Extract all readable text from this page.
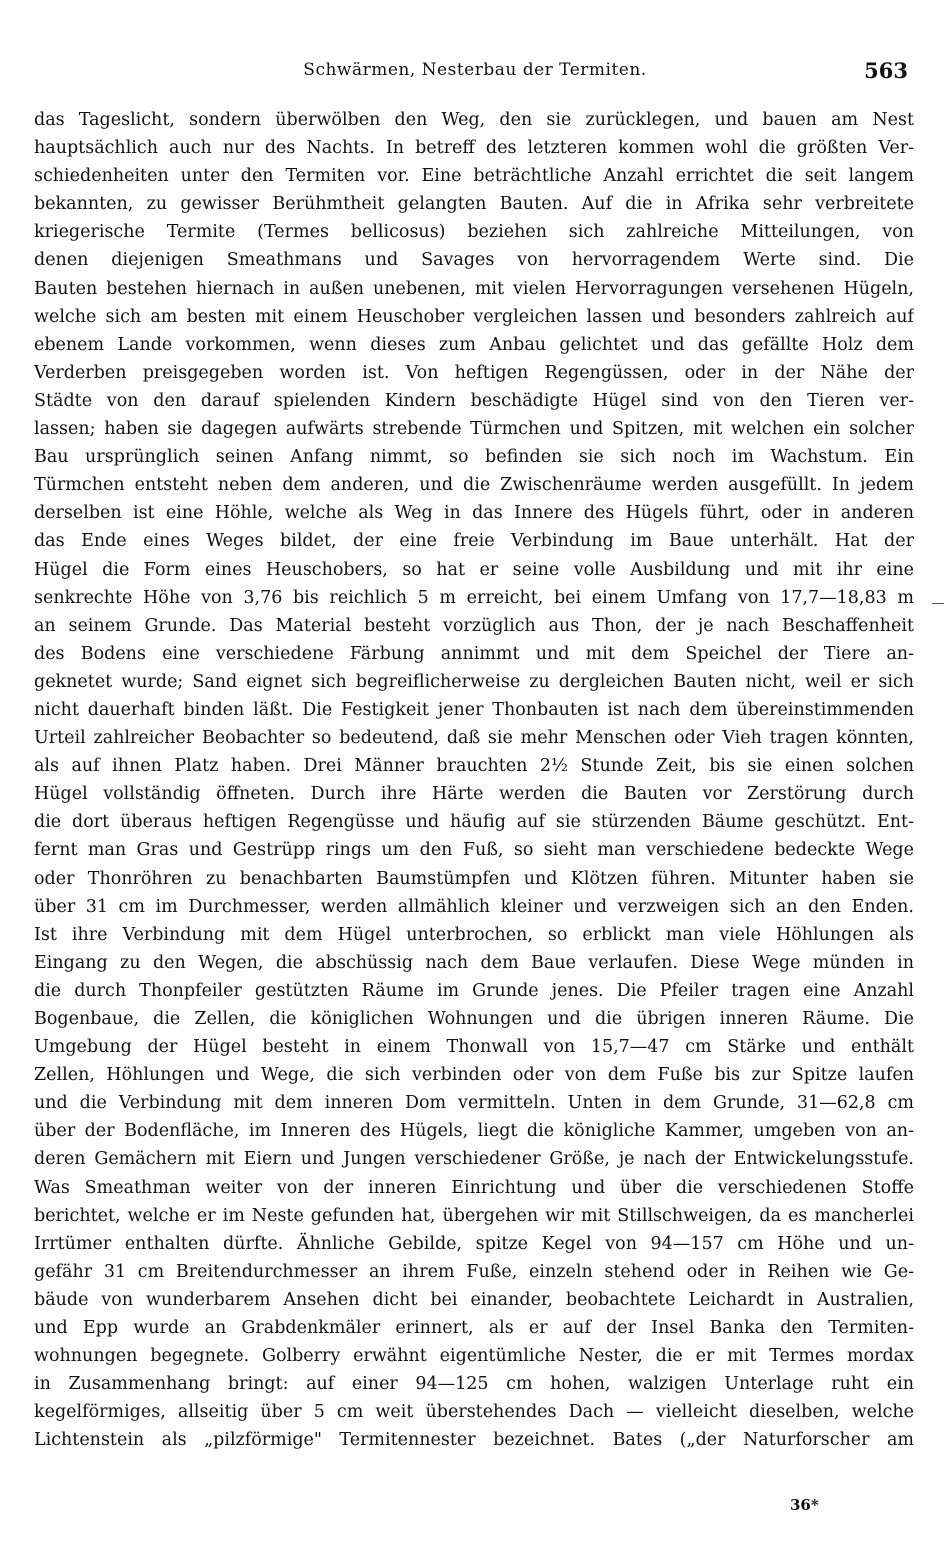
Schwärmen, Nesterbau der Termiten.	563
das Tageslicht, sondern überwölben den Weg, den sie zurücklegen, und bauen am Nest
hauptsächlich auch nur des Nachts. In betreff des letzteren kommen wohl die größten Ver-
schiedenheiten unter den Termiten vor. Eine beträchtliche Anzahl errichtet die seit langem
bekannten, zu gewisser Berühmtheit gelangten Bauten. Auf die in Afrika sehr verbreitete
kriegerische Termite (Termes bellicosus) beziehen sich zahlreiche Mitteilungen, von
denen diejenigen Smeathmans und Savages von hervorragendem Werte sind. Die
Bauten bestehen hiernach in außen unebenen, mit vielen Hervorragungen versehenen Hügeln,
welche sich am besten mit einem Heuschober vergleichen lassen und besonders zahlreich auf
ebenem Lande vorkommen, wenn dieses zum Anbau gelichtet und das gefällte Holz dem
Verderben preisgegeben worden ist. Von heftigen Regengüssen, oder in der Nähe der
Städte von den darauf spielenden Kindern beschädigte Hügel sind von den Tieren ver-
lassen; haben sie dagegen aufwärts strebende Türmchen und Spitzen, mit welchen ein solcher
Bau ursprünglich seinen Anfang nimmt, so befinden sie sich noch im Wachstum. Ein
Türmchen entsteht neben dem anderen, und die Zwischenräume werden ausgefüllt. In jedem
derselben ist eine Höhle, welche als Weg in das Innere des Hügels führt, oder in anderen
das Ende eines Weges bildet, der eine freie Verbindung im Baue unterhält. Hat der
Hügel die Form eines Heuschobers, so hat er seine volle Ausbildung und mit ihr eine
senkrechte Höhe von 3,76 bis reichlich 5 m erreicht, bei einem Umfang von 17,7—18,83 m
an seinem Grunde. Das Material besteht vorzüglich aus Thon, der je nach Beschaffenheit
des Bodens eine verschiedene Färbung annimmt und mit dem Speichel der Tiere an-
geknetet wurde; Sand eignet sich begreiflicherweise zu dergleichen Bauten nicht, weil er sich
nicht dauerhaft binden läßt. Die Festigkeit jener Thonbauten ist nach dem übereinstimmenden
Urteil zahlreicher Beobachter so bedeutend, daß sie mehr Menschen oder Vieh tragen könnten,
als auf ihnen Platz haben. Drei Männer brauchten 2½ Stunde Zeit, bis sie einen solchen
Hügel vollständig öffneten. Durch ihre Härte werden die Bauten vor Zerstörung durch
die dort überaus heftigen Regengüsse und häufig auf sie stürzenden Bäume geschützt. Ent-
fernt man Gras und Gestrüpp rings um den Fuß, so sieht man verschiedene bedeckte Wege
oder Thonröhren zu benachbarten Baumstümpfen und Klötzen führen. Mitunter haben sie
über 31 cm im Durchmesser, werden allmählich kleiner und verzweigen sich an den Enden.
Ist ihre Verbindung mit dem Hügel unterbrochen, so erblickt man viele Höhlungen als
Eingang zu den Wegen, die abschüssig nach dem Baue verlaufen. Diese Wege münden in
die durch Thonpfeiler gestützten Räume im Grunde jenes. Die Pfeiler tragen eine Anzahl
Bogenbaue, die Zellen, die königlichen Wohnungen und die übrigen inneren Räume. Die
Umgebung der Hügel besteht in einem Thonwall von 15,7—47 cm Stärke und enthält
Zellen, Höhlungen und Wege, die sich verbinden oder von dem Fuße bis zur Spitze laufen
und die Verbindung mit dem inneren Dom vermitteln. Unten in dem Grunde, 31—62,8 cm
über der Bodenfläche, im Inneren des Hügels, liegt die königliche Kammer, umgeben von an-
deren Gemächern mit Eiern und Jungen verschiedener Größe, je nach der Entwickelungsstufe.
Was Smeathman weiter von der inneren Einrichtung und über die verschiedenen Stoffe
berichtet, welche er im Neste gefunden hat, übergehen wir mit Stillschweigen, da es mancherlei
Irrtümer enthalten dürfte. Ähnliche Gebilde, spitze Kegel von 94—157 cm Höhe und un-
gefähr 31 cm Breitendurchmesser an ihrem Fuße, einzeln stehend oder in Reihen wie Ge-
bäude von wunderbarem Ansehen dicht bei einander, beobachtete Leichardt in Australien,
und Epp wurde an Grabdenkmäler erinnert, als er auf der Insel Banka den Termiten-
wohnungen begegnete. Golberry erwähnt eigentümliche Nester, die er mit Termes mordax
in Zusammenhang bringt: auf einer 94—125 cm hohen, walzigen Unterlage ruht ein
kegelförmiges, allseitig über 5 cm weit überstehendes Dach — vielleicht dieselben, welche
Lichtenstein als „pilzförmige" Termitennester bezeichnet. Bates („der Naturforscher am
36*
